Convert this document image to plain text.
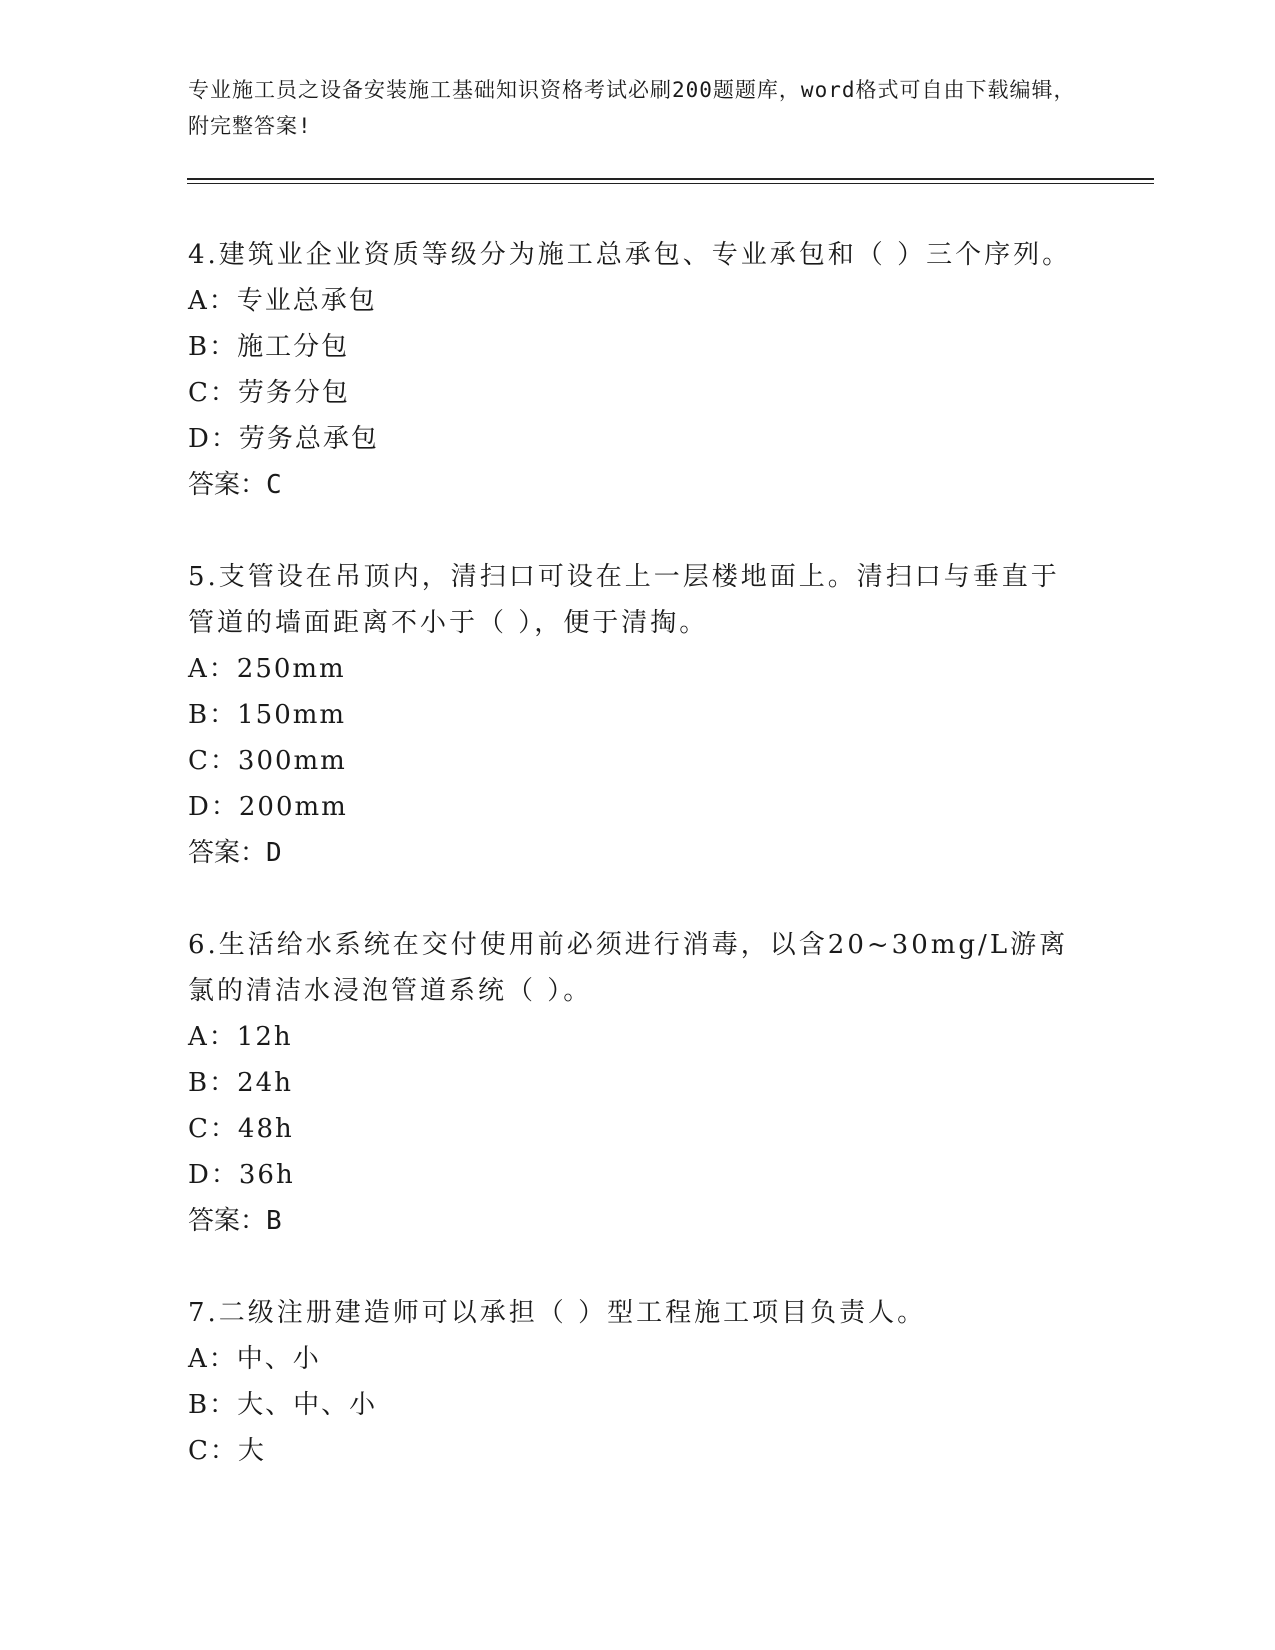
专业施工员之设备安装施工基础知识资格考试必刷200题题库，word格式可自由下载编辑，附完整答案!

4.建筑业企业资质等级分为施工总承包、专业承包和（ ）三个序列。

A：专业总承包

B：施工分包

C：劳务分包

D：劳务总承包

答案：C

5.支管设在吊顶内，清扫口可设在上一层楼地面上。清扫口与垂直于管道的墙面距离不小于（ ），便于清掏。

A：250mm

B：150mm

C：300mm

D：200mm

答案：D

6.生活给水系统在交付使用前必须进行消毒，以含20~30mg/L游离氯的清洁水浸泡管道系统（ ）。

A：12h

B：24h

C：48h

D：36h

答案：B

7.二级注册建造师可以承担（ ）型工程施工项目负责人。

A：中、小

B：大、中、小

C：大
